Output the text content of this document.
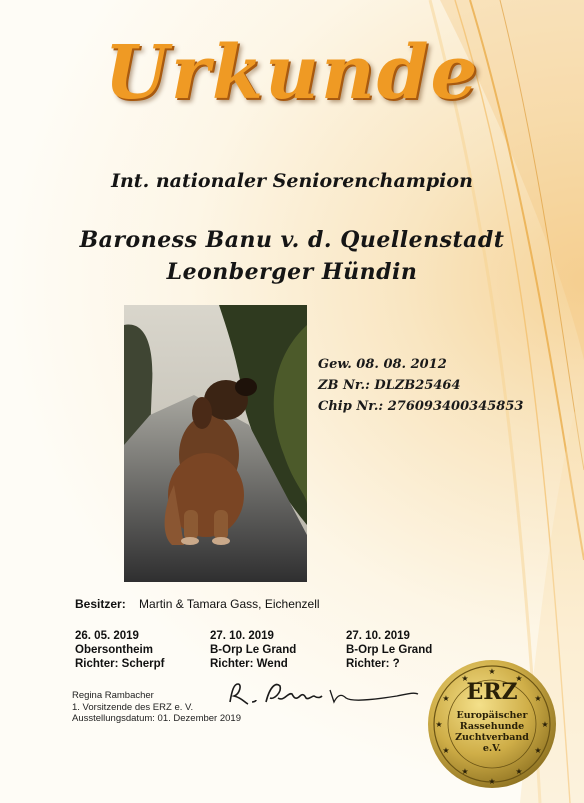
Urkunde
Int. nationaler Seniorenchampion
Baroness Banu v. d. Quellenstadt
Leonberger Hündin
Gew. 08. 08. 2012
ZB Nr.: DLZB25464
Chip Nr.: 276093400345853
Besitzer: Martin & Tamara Gass, Eichenzell
26. 05. 2019
Obersontheim
Richter: Scherpf
27. 10. 2019
B-Orp Le Grand
Richter: Wend
27. 10. 2019
B-Orp Le Grand
Richter: ?
Regina Rambacher
1. Vorsitzende des ERZ e. V.
Ausstellungsdatum: 01. Dezember 2019
★
★	★
★	★
★	★
★	★
★	★
★
ERZ
Europäischer
Rassehunde
Zuchtverband
e.V.
